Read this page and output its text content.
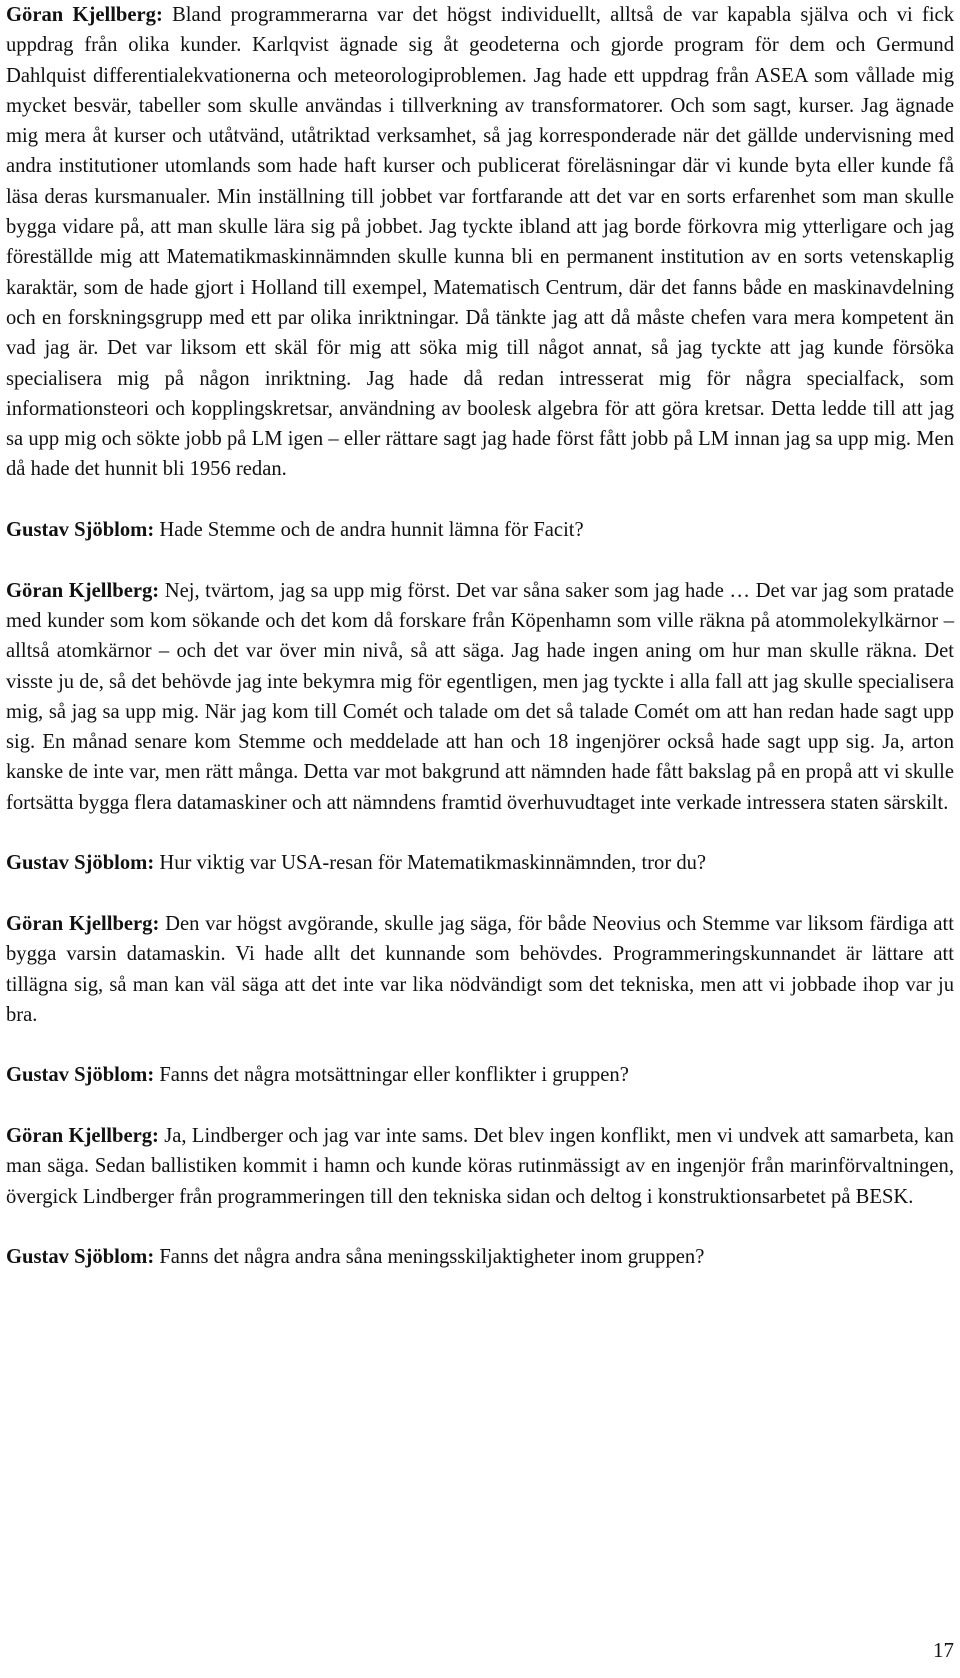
Göran Kjellberg: Bland programmerarna var det högst individuellt, alltså de var kapabla själva och vi fick uppdrag från olika kunder. Karlqvist ägnade sig åt geodeterna och gjorde program för dem och Germund Dahlquist differentialekvationerna och meteorologiproblemen. Jag hade ett uppdrag från ASEA som vållade mig mycket besvär, tabeller som skulle användas i tillverkning av transformatorer. Och som sagt, kurser. Jag ägnade mig mera åt kurser och utåtvänd, utåtriktad verksamhet, så jag korresponderade när det gällde undervisning med andra institutioner utomlands som hade haft kurser och publicerat föreläsningar där vi kunde byta eller kunde få läsa deras kursmanualer. Min inställning till jobbet var fortfarande att det var en sorts erfarenhet som man skulle bygga vidare på, att man skulle lära sig på jobbet. Jag tyckte ibland att jag borde förkovra mig ytterligare och jag föreställde mig att Matematikmaskinnämnden skulle kunna bli en permanent institution av en sorts vetenskaplig karaktär, som de hade gjort i Holland till exempel, Matematisch Centrum, där det fanns både en maskinavdelning och en forskningsgrupp med ett par olika inriktningar. Då tänkte jag att då måste chefen vara mera kompetent än vad jag är. Det var liksom ett skäl för mig att söka mig till något annat, så jag tyckte att jag kunde försöka specialisera mig på någon inriktning. Jag hade då redan intresserat mig för några specialfack, som informationsteori och kopplingskretsar, användning av boolesk algebra för att göra kretsar. Detta ledde till att jag sa upp mig och sökte jobb på LM igen – eller rättare sagt jag hade först fått jobb på LM innan jag sa upp mig. Men då hade det hunnit bli 1956 redan.

Gustav Sjöblom: Hade Stemme och de andra hunnit lämna för Facit?

Göran Kjellberg: Nej, tvärtom, jag sa upp mig först. Det var såna saker som jag hade … Det var jag som pratade med kunder som kom sökande och det kom då forskare från Köpenhamn som ville räkna på atommolekylkärnor – alltså atomkärnor – och det var över min nivå, så att säga. Jag hade ingen aning om hur man skulle räkna. Det visste ju de, så det behövde jag inte bekymra mig för egentligen, men jag tyckte i alla fall att jag skulle specialisera mig, så jag sa upp mig. När jag kom till Comét och talade om det så talade Comét om att han redan hade sagt upp sig. En månad senare kom Stemme och meddelade att han och 18 ingenjörer också hade sagt upp sig. Ja, arton kanske de inte var, men rätt många. Detta var mot bakgrund att nämnden hade fått bakslag på en propå att vi skulle fortsätta bygga flera datamaskiner och att nämndens framtid överhuvudtaget inte verkade intressera staten särskilt.

Gustav Sjöblom: Hur viktig var USA-resan för Matematikmaskinnämnden, tror du?

Göran Kjellberg: Den var högst avgörande, skulle jag säga, för både Neovius och Stemme var liksom färdiga att bygga varsin datamaskin. Vi hade allt det kunnande som behövdes. Programmeringskunnandet är lättare att tillägna sig, så man kan väl säga att det inte var lika nödvändigt som det tekniska, men att vi jobbade ihop var ju bra.

Gustav Sjöblom: Fanns det några motsättningar eller konflikter i gruppen?

Göran Kjellberg: Ja, Lindberger och jag var inte sams. Det blev ingen konflikt, men vi undvek att samarbeta, kan man säga. Sedan ballistiken kommit i hamn och kunde köras rutinmässigt av en ingenjör från marinförvaltningen, övergick Lindberger från programmeringen till den tekniska sidan och deltog i konstruktionsarbetet på BESK.

Gustav Sjöblom: Fanns det några andra såna meningsskiljaktigheter inom gruppen?

17
